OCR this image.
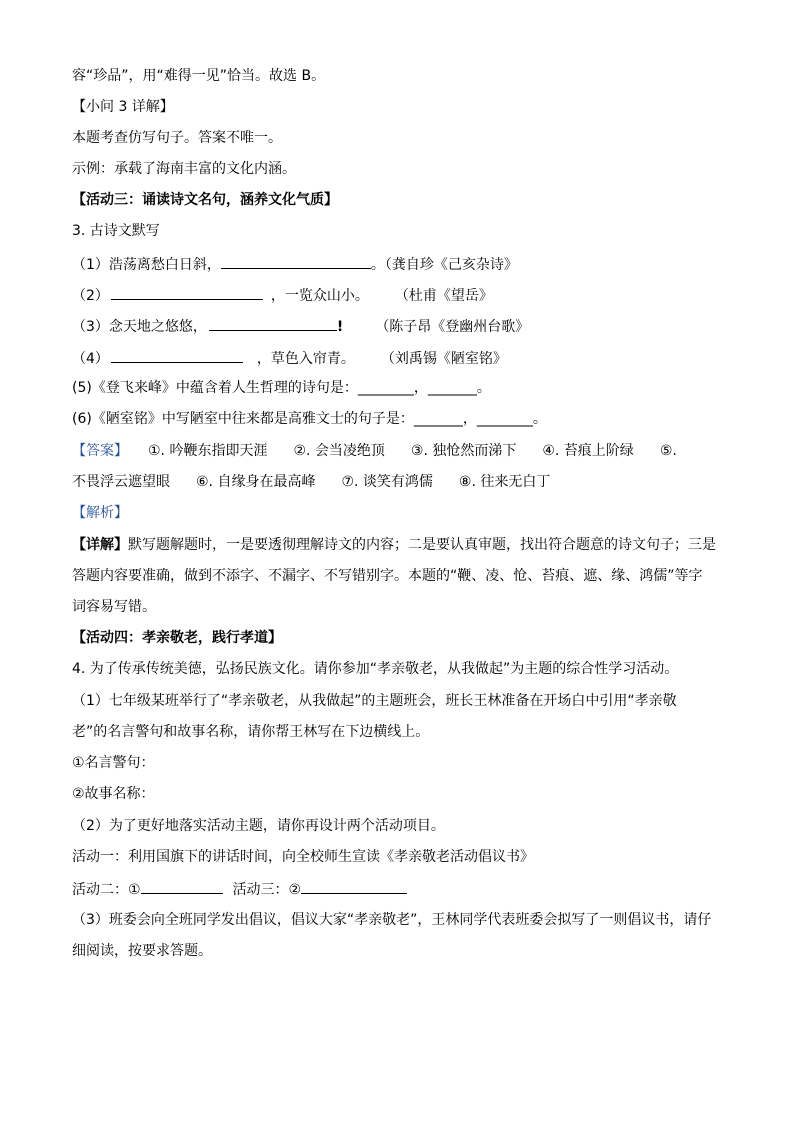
容“珍品”，用“难得一见”恰当。故选 B。
【小问 3 详解】
本题考查仿写句子。答案不唯一。
示例：承载了海南丰富的文化内涵。
【活动三：诵读诗文名句，涵养文化气质】
3. 古诗文默写
（1）浩荡离愁白日斜，	。（龚自珍《己亥杂诗》
（2）	，一览众山小。 （杜甫《望岳》
（3）念天地之悠悠，	! （陈子昂《登幽州台歌》
（4）	，草色入帘青。 （刘禹锡《陋室铭》
(5)《登飞来峰》中蕴含着人生哲理的诗句是：________，_______。
(6)《陋室铭》中写陋室中往来都是高雅文士的句子是：_______，________。
【答案】 ①. 吟鞭东指即天涯 ②. 会当凌绝顶 ③. 独怆然而涕下 ④. 苔痕上阶绿 ⑤.
不畏浮云遮望眼 ⑥. 自缘身在最高峰 ⑦. 谈笑有鸿儒 ⑧. 往来无白丁
【解析】
【详解】默写题解题时，一是要透彻理解诗文的内容；二是要认真审题，找出符合题意的诗文句子；三是
答题内容要准确，做到不添字、不漏字、不写错别字。本题的“鞭、凌、怆、苔痕、遮、缘、鸿儒”等字
词容易写错。
【活动四：孝亲敬老，践行孝道】
4. 为了传承传统美德，弘扬民族文化。请你参加“孝亲敬老，从我做起”为主题的综合性学习活动。
（1）七年级某班举行了“孝亲敬老，从我做起”的主题班会，班长王林准备在开场白中引用“孝亲敬
老”的名言警句和故事名称，请你帮王林写在下边横线上。
①名言警句：
②故事名称：
（2）为了更好地落实活动主题，请你再设计两个活动项目。
活动一：利用国旗下的讲话时间，向全校师生宣读《孝亲敬老活动倡议书》
活动二：①	活动三：②
（3）班委会向全班同学发出倡议，倡议大家“孝亲敬老”，王林同学代表班委会拟写了一则倡议书，请仔
细阅读，按要求答题。
